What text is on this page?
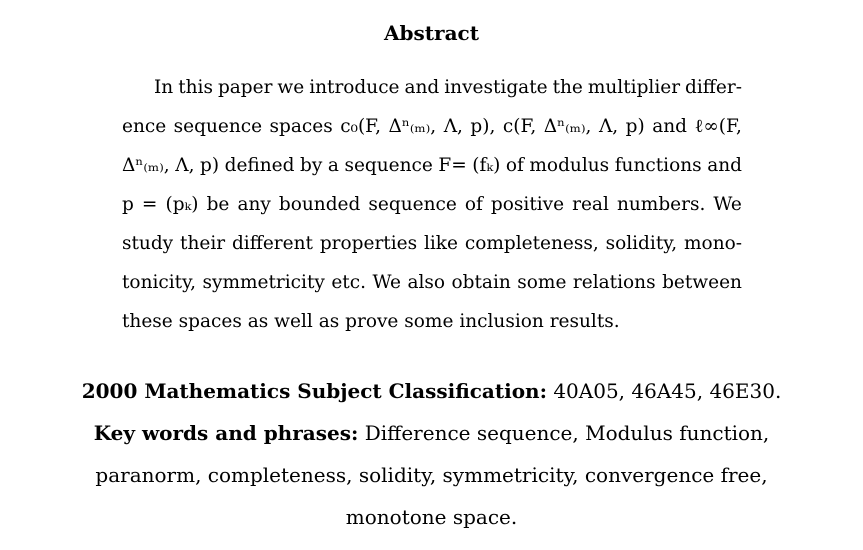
Abstract
In this paper we introduce and investigate the multiplier differ-
ence sequence spaces c₀(F, Δⁿ₍ₘ₎, Λ, p), c(F, Δⁿ₍ₘ₎, Λ, p) and ℓ∞(F,
Δⁿ₍ₘ₎, Λ, p) defined by a sequence F= (fₖ) of modulus functions and
p = (pₖ) be any bounded sequence of positive real numbers. We
study their different properties like completeness, solidity, mono-
tonicity, symmetricity etc. We also obtain some relations between
these spaces as well as prove some inclusion results.
2000 Mathematics Subject Classification: 40A05, 46A45, 46E30.
Key words and phrases: Difference sequence, Modulus function,
paranorm, completeness, solidity, symmetricity, convergence free,
monotone space.
